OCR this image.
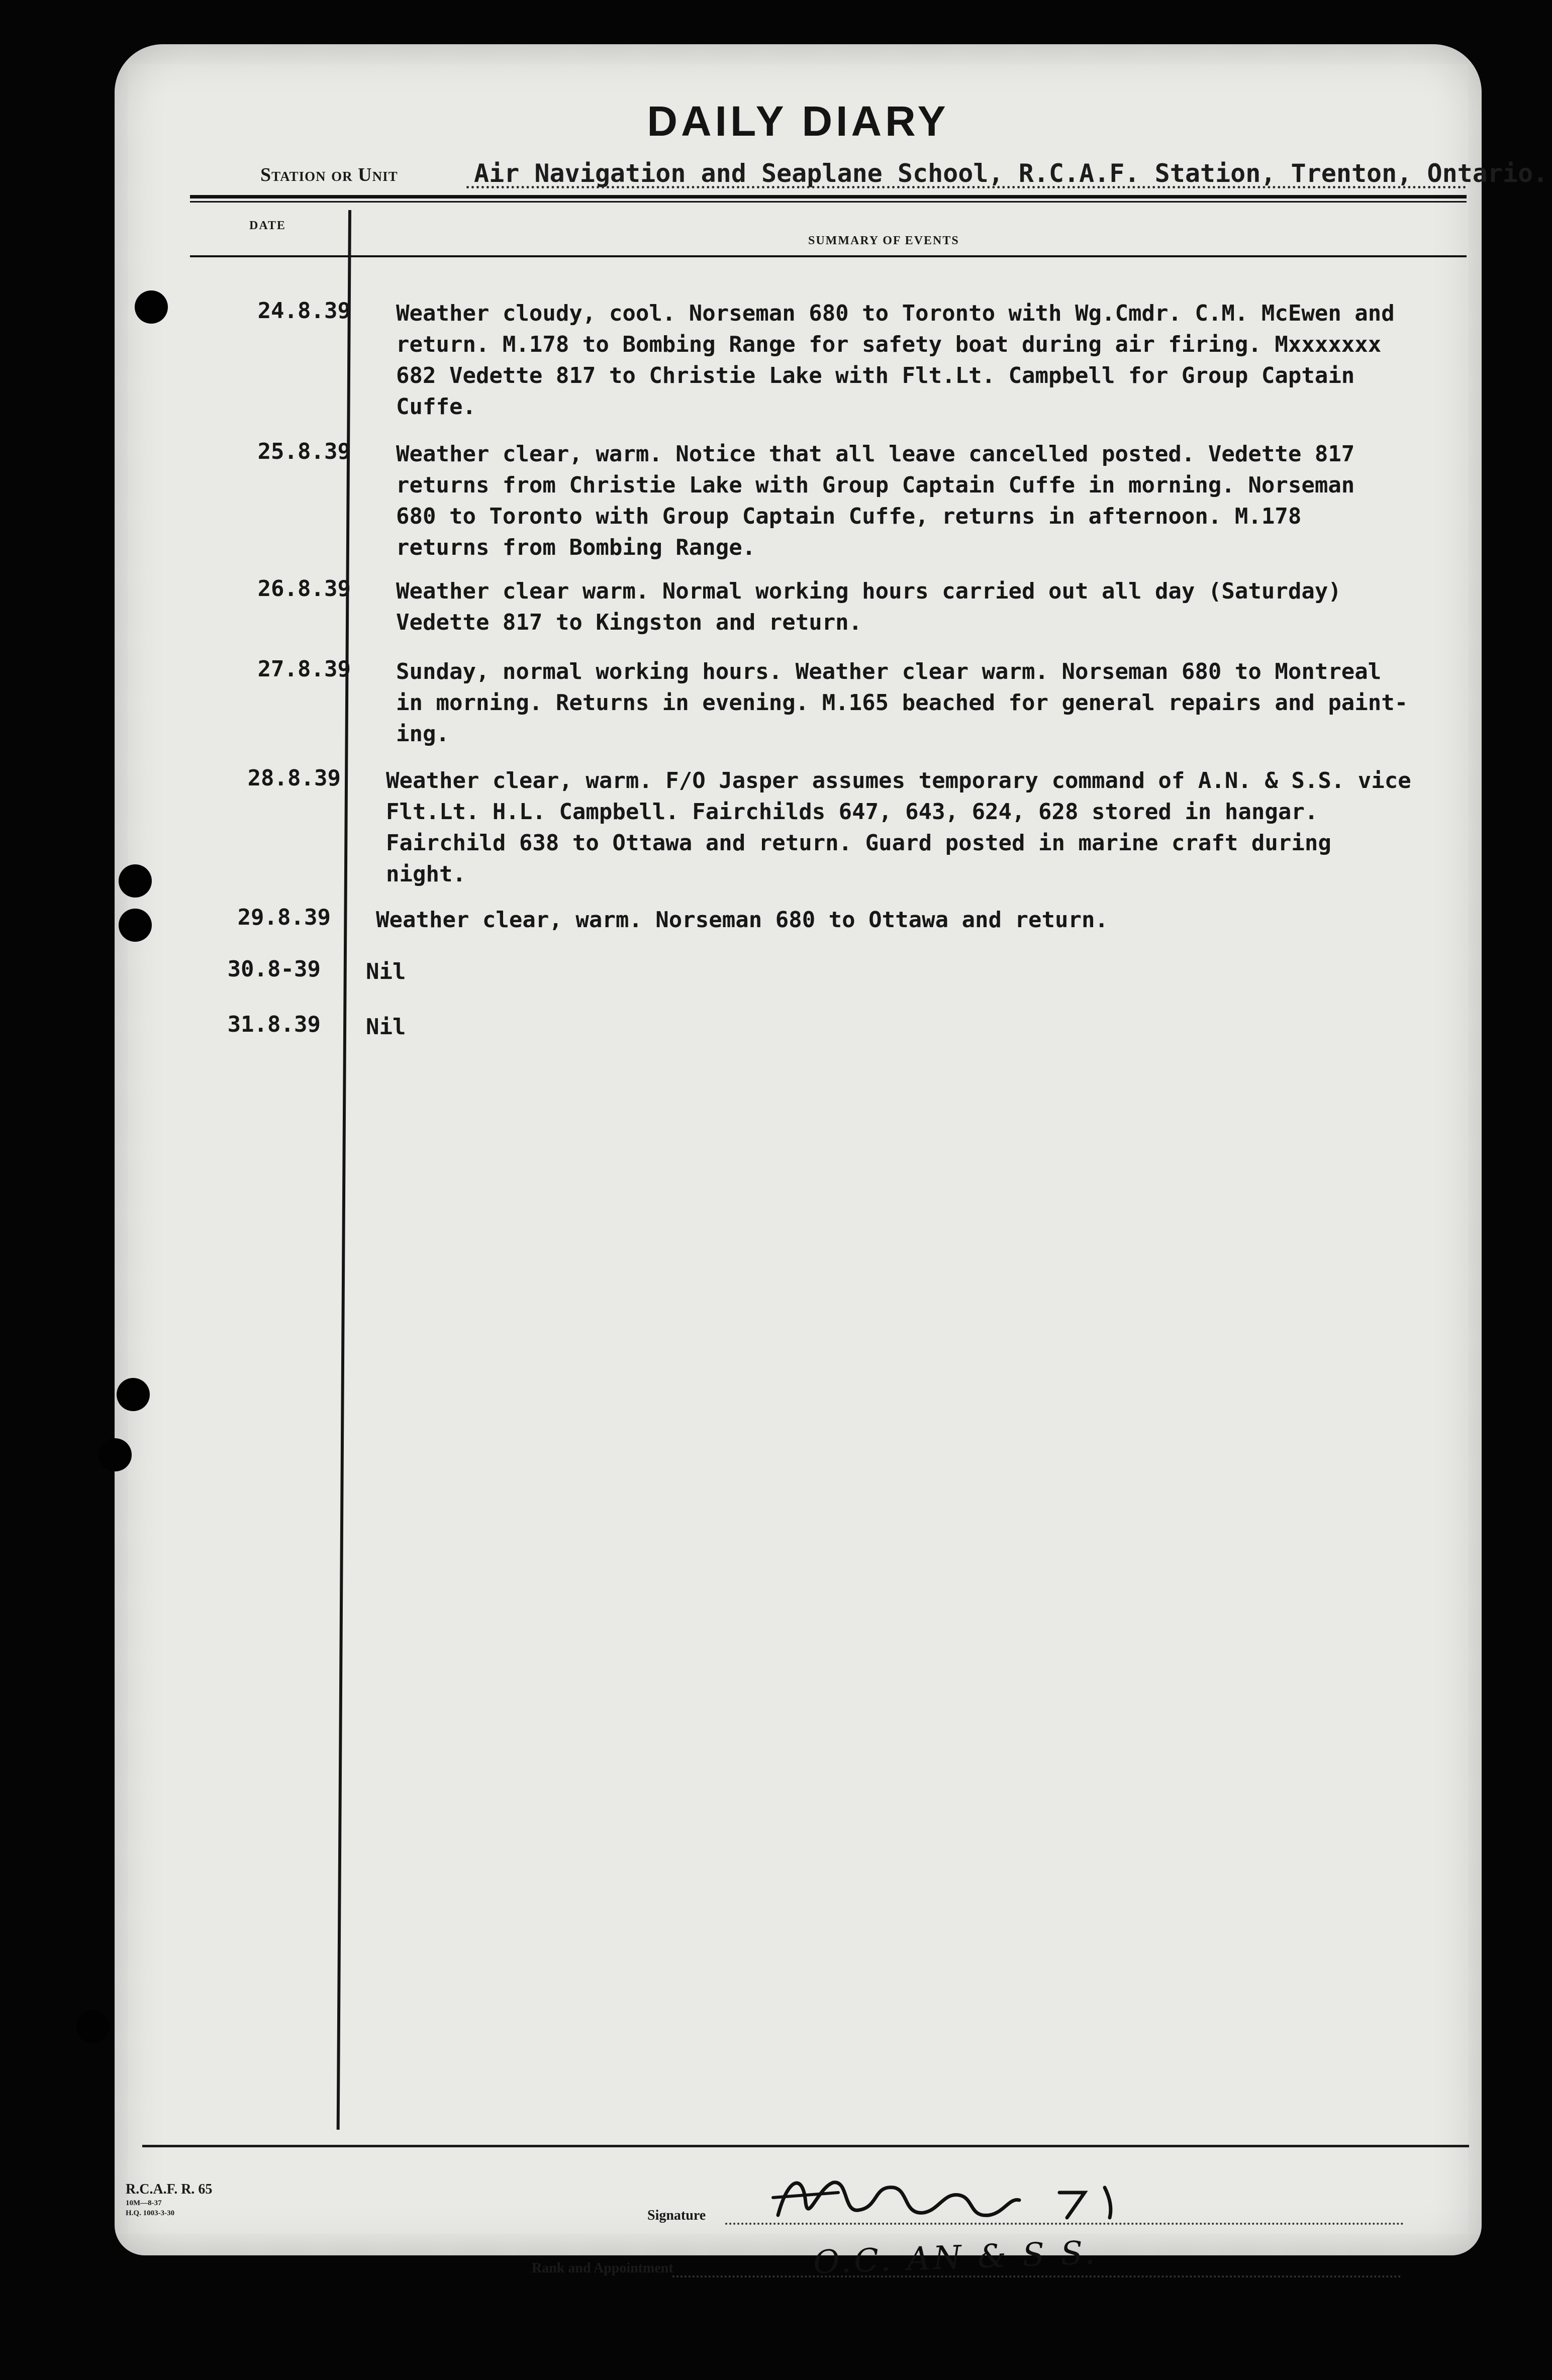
DAILY DIARY
Station or Unit	Air Navigation and Seaplane School, R.C.A.F. Station, Trenton, Ontario.
DATE
SUMMARY OF EVENTS
24.8.39 Weather cloudy, cool. Norseman 680 to Toronto with Wg.Cmdr. C.M. McEwen and
return. M.178 to Bombing Range for safety boat during air firing. Mxxxxxxx
682 Vedette 817 to Christie Lake with Flt.Lt. Campbell for Group Captain
Cuffe.
25.8.39 Weather clear, warm. Notice that all leave cancelled posted. Vedette 817
returns from Christie Lake with Group Captain Cuffe in morning. Norseman
680 to Toronto with Group Captain Cuffe, returns in afternoon. M.178
returns from Bombing Range.
26.8.39 Weather clear warm. Normal working hours carried out all day (Saturday)
Vedette 817 to Kingston and return.
27.8.39 Sunday, normal working hours. Weather clear warm. Norseman 680 to Montreal
in morning. Returns in evening. M.165 beached for general repairs and paint-
ing.
28.8.39 Weather clear, warm. F/O Jasper assumes temporary command of A.N. & S.S. vice
Flt.Lt. H.L. Campbell. Fairchilds 647, 643, 624, 628 stored in hangar.
Fairchild 638 to Ottawa and return. Guard posted in marine craft during
night.
29.8.39 Weather clear, warm. Norseman 680 to Ottawa and return.
30.8-39 Nil
31.8.39 Nil
R.C.A.F. R. 65
10M—8-37
H.Q. 1003-3-30	Signature
Rank and Appointment	O.C. AN & S S.
